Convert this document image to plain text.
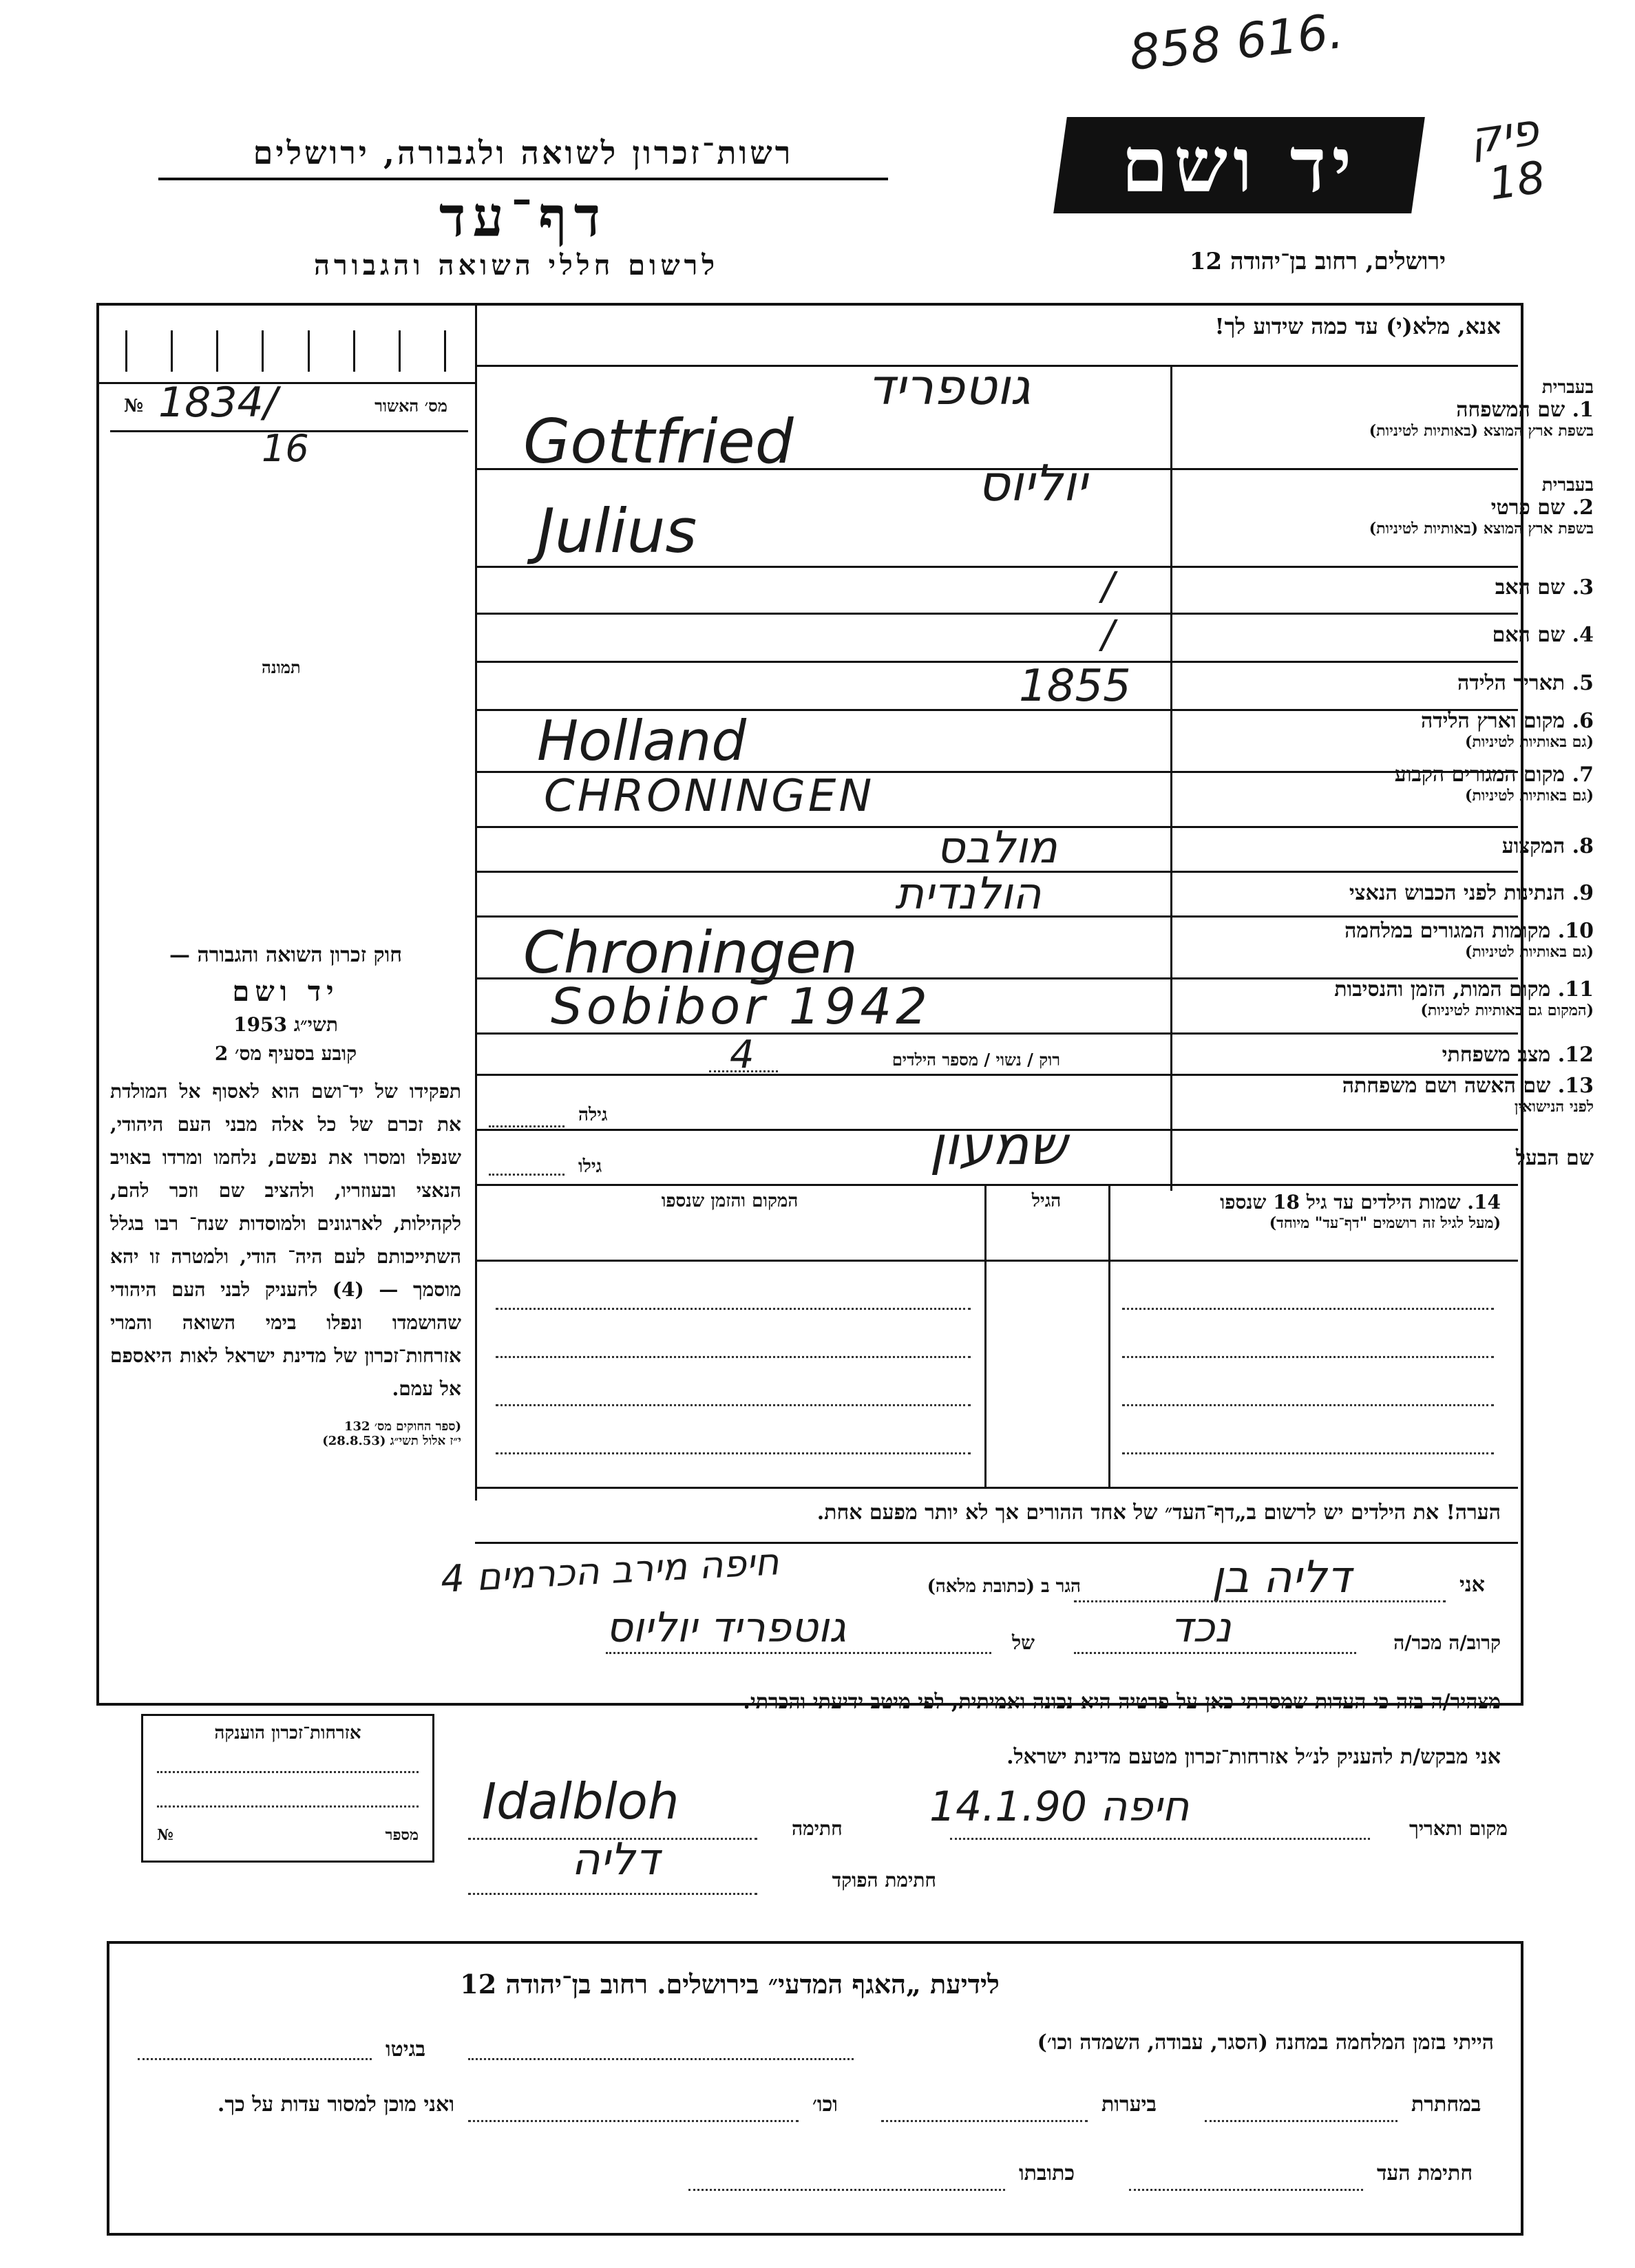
858 616.
פיק
18
רשות־זכרון לשואה ולגבורה, ירושלים
דף־עד
לרשום חללי השואה והגבורה
יד ושם
ירושלים, רחוב בן־יהודה 12
אנא, מלא(י) עד כמה שידוע לך!
מס׳ האשור
№ 1834/
16
תמונה
חוק זכרון השואה והגבורה —
יד ושם
תשי״ג 1953
קובע בסעיף מס׳ 2
תפקידו של יד־ושם הוא לאסוף אל המולדת את זכרם של כל אלה מבני העם היהודי, שנפלו ומסרו את נפשם, נלחמו ומרדו באויב הנאצי ובעוזריו, ולהציב שם וזכר להם, לקהילות, לארגונים ולמוסדות שנח־ רבו בגלל השתייכותם לעם היה־ הודי, ולמטרה זו יהא מוסמך — (4) להעניק לבני העם היהודי שהושמדו ונפלו בימי השואה והמרי אזרחות־זכרון של מדינת ישראל לאות היאספם אל עמם.
(ספר החוקים מס׳ 132
י״ז אלול תשי״ג (28.8.53)
בעברית
1. שם המשפחה
בשפת ארץ המוצא (באותיות לטיניות)
גוטפריד
Gottfried
בעברית
2. שם פרטי
בשפת ארץ המוצא (באותיות לטיניות)
יוליוס
Julius
3. שם האב
/
4. שם האם
/
5. תאריך הלידה
1855
6. מקום וארץ הלידה
(גם באותיות לטיניות)
Holland
7. מקום המגורים הקבוע
(גם באותיות לטיניות)
CHRONINGEN
8. המקצוע
מולבס
9. הנתינות לפני הכבוש הנאצי
הולנדית
10. מקומות המגורים במלחמה
(גם באותיות לטיניות)
Chroningen
11. מקום המות, הזמן והנסיבות
(המקום גם באותיות לטיניות)
Sobibor 1942
12. מצב משפחתי
רוק / נשוי / מספר הילדים
4
13. שם האשה ושם משפחתה
לפני הנישואין
גילה
שם הבעל
גילו	שמעון
14. שמות הילדים עד גיל 18 שנספו
(מעל לגיל זה רושמים "דף־עד" מיוחד)
הגיל
המקום והזמן שנספו
הערה! את הילדים יש לרשום ב„דף־העד״ של אחד ההורים אך לא יותר מפעם אחת.
אני
דליה בן
הגר ב (כתובת מלאה)
חיפה מירב הכרמים 4
קרוב/ה מכר/ה
נכד
של
גוטפריד יוליוס
מצהיר/ה בזה כי העדות שמסרתי כאן על פרטיה היא נכונה ואמיתית, לפי מיטב ידיעתי והכרתי.
אני מבקש/ת להעניק לנ״ל אזרחות־זכרון מטעם מדינת ישראל.
אזרחות־זכרון הוענקה
מספר
№	מקום ותאריך
חיפה 14.1.90
חתימה
Idalbloh
חתימת הפוקד
דליה
לידיעת „האגף המדעי״ בירושלים. רחוב בן־יהודה 12
הייתי בזמן המלחמה במחנה (הסגר, עבודה, השמדה וכו׳)
בגיטו
במחתרת
ביערות
וכו׳
ואני מוכן למסור עדות על כך.
חתימת העד
כתובתו
